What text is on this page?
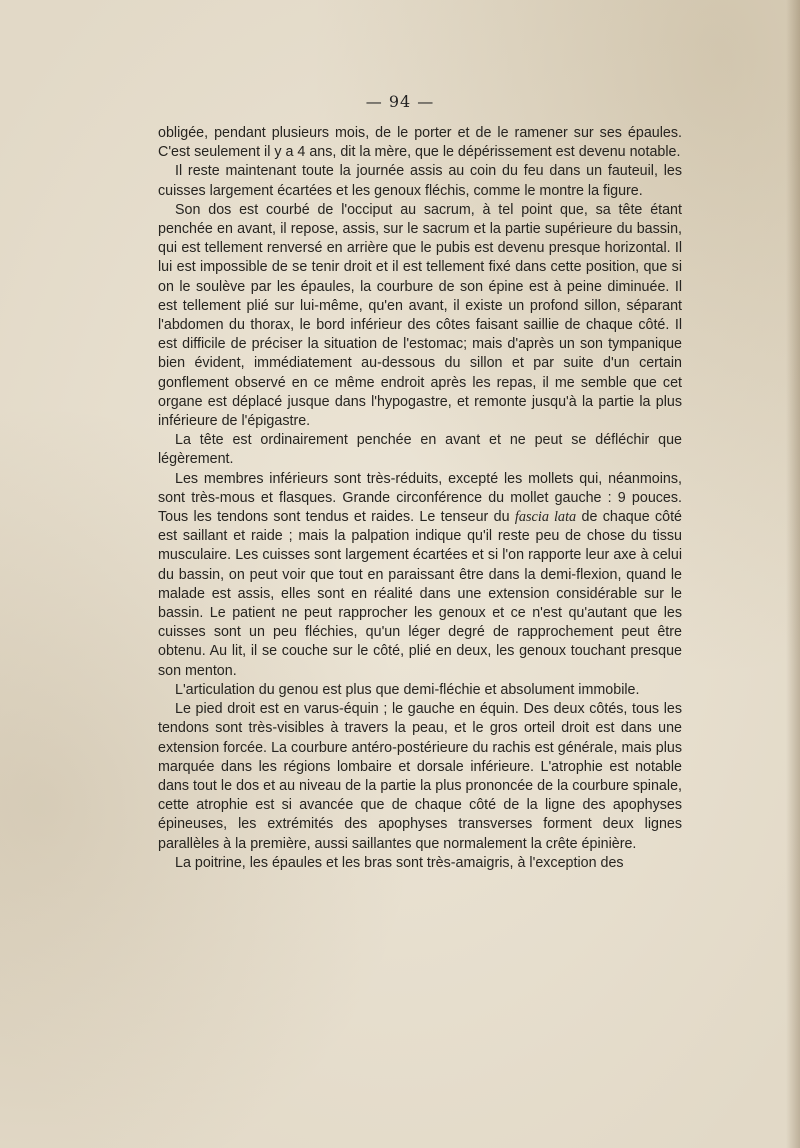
— 94 —

obligée, pendant plusieurs mois, de le porter et de le ramener sur ses épaules. C'est seulement il y a 4 ans, dit la mère, que le dépérissement est devenu notable.

Il reste maintenant toute la journée assis au coin du feu dans un fauteuil, les cuisses largement écartées et les genoux fléchis, comme le montre la figure.

Son dos est courbé de l'occiput au sacrum, à tel point que, sa tête étant penchée en avant, il repose, assis, sur le sacrum et la partie supérieure du bassin, qui est tellement renversé en arrière que le pubis est devenu presque horizontal. Il lui est impossible de se tenir droit et il est tellement fixé dans cette position, que si on le soulève par les épaules, la courbure de son épine est à peine diminuée. Il est tellement plié sur lui-même, qu'en avant, il existe un profond sillon, séparant l'abdomen du thorax, le bord inférieur des côtes faisant saillie de chaque côté. Il est difficile de préciser la situation de l'estomac; mais d'après un son tympanique bien évident, immédiatement au-dessous du sillon et par suite d'un certain gonflement observé en ce même endroit après les repas, il me semble que cet organe est déplacé jusque dans l'hypogastre, et remonte jusqu'à la partie la plus inférieure de l'épigastre.

La tête est ordinairement penchée en avant et ne peut se défléchir que légèrement.

Les membres inférieurs sont très-réduits, excepté les mollets qui, néanmoins, sont très-mous et flasques. Grande circonférence du mollet gauche : 9 pouces. Tous les tendons sont tendus et raides. Le tenseur du fascia lata de chaque côté est saillant et raide ; mais la palpation indique qu'il reste peu de chose du tissu musculaire. Les cuisses sont largement écartées et si l'on rapporte leur axe à celui du bassin, on peut voir que tout en paraissant être dans la demi-flexion, quand le malade est assis, elles sont en réalité dans une extension considérable sur le bassin. Le patient ne peut rapprocher les genoux et ce n'est qu'autant que les cuisses sont un peu fléchies, qu'un léger degré de rapprochement peut être obtenu. Au lit, il se couche sur le côté, plié en deux, les genoux touchant presque son menton.

L'articulation du genou est plus que demi-fléchie et absolument immobile.

Le pied droit est en varus-équin ; le gauche en équin. Des deux côtés, tous les tendons sont très-visibles à travers la peau, et le gros orteil droit est dans une extension forcée. La courbure antéro-postérieure du rachis est générale, mais plus marquée dans les régions lombaire et dorsale inférieure. L'atrophie est notable dans tout le dos et au niveau de la partie la plus prononcée de la courbure spinale, cette atrophie est si avancée que de chaque côté de la ligne des apophyses épineuses, les extrémités des apophyses transverses forment deux lignes parallèles à la première, aussi saillantes que normalement la crête épinière.

La poitrine, les épaules et les bras sont très-amaigris, à l'exception des
